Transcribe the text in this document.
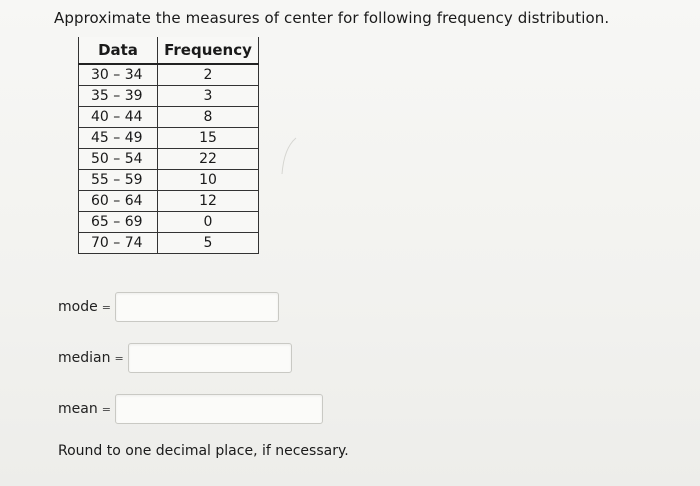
Approximate the measures of center for following frequency distribution.
Data	Frequency
30 – 34	2
35 – 39	3
40 – 44	8
45 – 49	15
50 – 54	22
55 – 59	10
60 – 64	12
65 – 69	0
70 – 74	5
mode =
median =
mean =
Round to one decimal place, if necessary.
